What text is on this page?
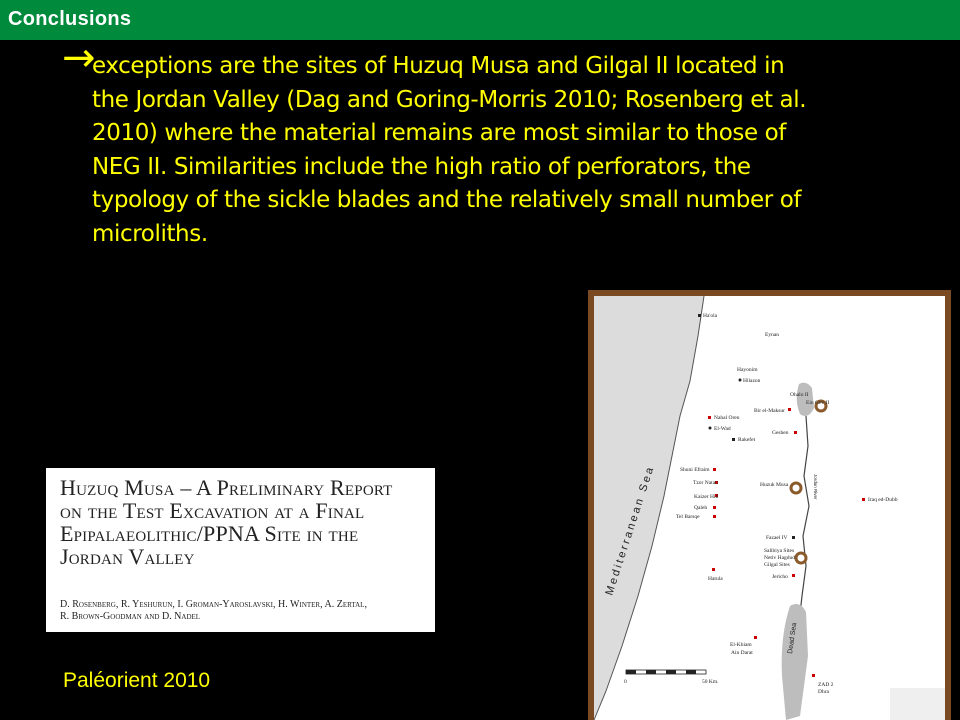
Conclusions
→
exceptions are the sites of Huzuq Musa and Gilgal II located in
the Jordan Valley (Dag and Goring-Morris 2010; Rosenberg et al.
2010) where the material remains are most similar to those of
NEG II. Similarities include the high ratio of perforators, the
typology of the sickle blades and the relatively small number of
microliths.
Huzuq Musa – A Preliminary Report
on the Test Excavation at a Final
Epipalaeolithic/PPNA Site in the
Jordan Valley
D. Rosenberg, R. Yeshurun, I. Groman-Yaroslavski, H. Winter, A. Zertal,
R. Brown-Goodman and D. Nadel
Paléorient 2010	0	50 Km.
Mediterranean Sea
Dead Sea
Jordan River
Ha'ola
Eynan
Hayonim
Hilazon
Ein Gev II
Bir el-Maksur
Nahal Oren
El-Wad
Geshen
Rakefet
Shuni Efraim
Huzuk Musa
Tzor Natan
Kaizer Hill
Qaleh
Tel Barsqe
Iraq ed-Dubb
Fazael IV
Salibiya Sites
Netiv Hagdud
Gilgal Sites
Jericho
Hatula
El-Khiam
Ain Darat
ZAD 2
Dhra
Ohalo II
